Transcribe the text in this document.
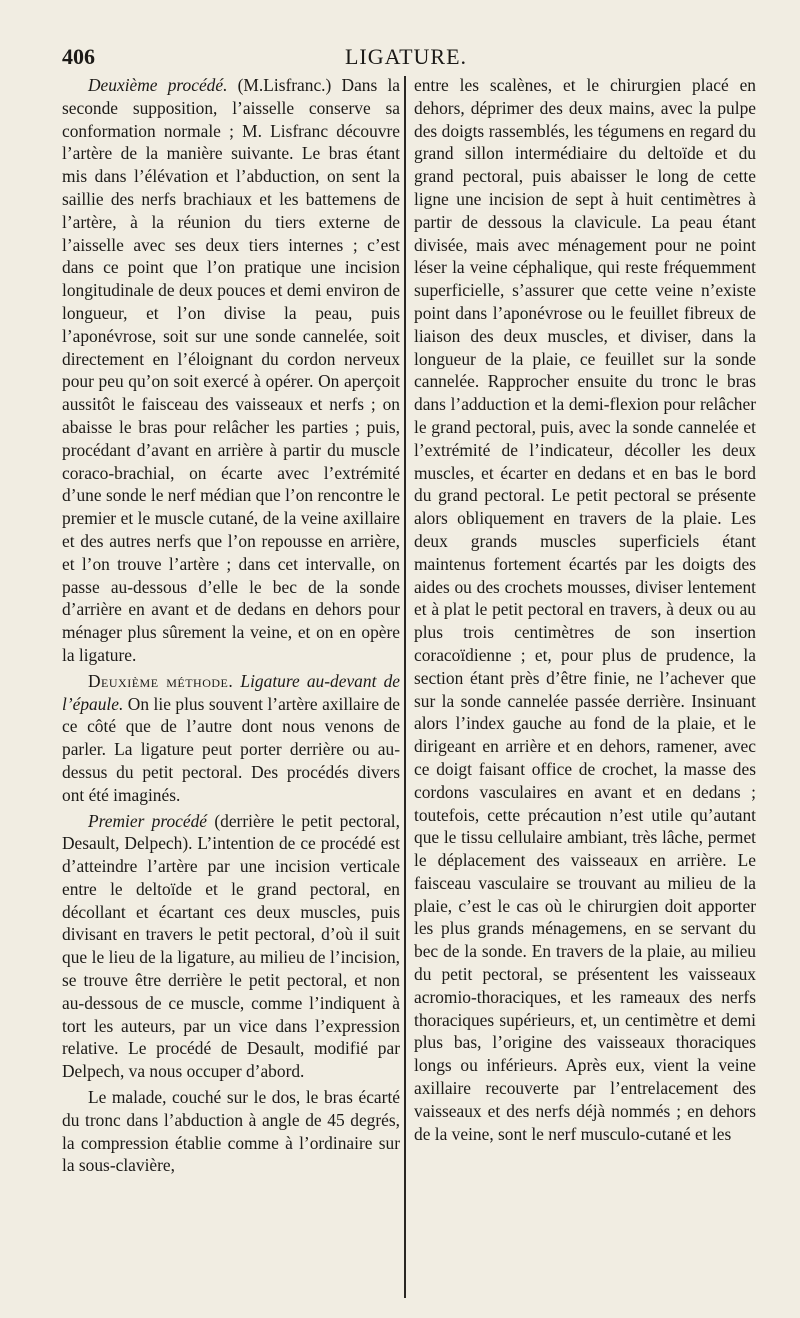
406	LIGATURE.

Deuxième procédé. (M.Lisfranc.) Dans la seconde supposition, l’aisselle conserve sa conformation normale ; M. Lisfranc découvre l’artère de la manière suivante. Le bras étant mis dans l’élévation et l’abduction, on sent la saillie des nerfs brachiaux et les battemens de l’artère, à la réunion du tiers externe de l’aisselle avec ses deux tiers internes ; c’est dans ce point que l’on pratique une incision longitudinale de deux pouces et demi environ de longueur, et l’on divise la peau, puis l’aponévrose, soit sur une sonde cannelée, soit directement en l’éloignant du cordon nerveux pour peu qu’on soit exercé à opérer. On aperçoit aussitôt le faisceau des vaisseaux et nerfs ; on abaisse le bras pour relâcher les parties ; puis, procédant d’avant en arrière à partir du muscle coraco-brachial, on écarte avec l’extrémité d’une sonde le nerf médian que l’on rencontre le premier et le muscle cutané, de la veine axillaire et des autres nerfs que l’on repousse en arrière, et l’on trouve l’artère ; dans cet intervalle, on passe au-dessous d’elle le bec de la sonde d’arrière en avant et de dedans en dehors pour ménager plus sûrement la veine, et on en opère la ligature.

Deuxième méthode. Ligature au-devant de l’épaule. On lie plus souvent l’artère axillaire de ce côté que de l’autre dont nous venons de parler. La ligature peut porter derrière ou au-dessus du petit pectoral. Des procédés divers ont été imaginés.

Premier procédé (derrière le petit pectoral, Desault, Delpech). L’intention de ce procédé est d’atteindre l’artère par une incision verticale entre le deltoïde et le grand pectoral, en décollant et écartant ces deux muscles, puis divisant en travers le petit pectoral, d’où il suit que le lieu de la ligature, au milieu de l’incision, se trouve être derrière le petit pectoral, et non au-dessous de ce muscle, comme l’indiquent à tort les auteurs, par un vice dans l’expression relative. Le procédé de Desault, modifié par Delpech, va nous occuper d’abord.

Le malade, couché sur le dos, le bras écarté du tronc dans l’abduction à angle de 45 degrés, la compression établie comme à l’ordinaire sur la sous-clavière,

entre les scalènes, et le chirurgien placé en dehors, déprimer des deux mains, avec la pulpe des doigts rassemblés, les tégumens en regard du grand sillon intermédiaire du deltoïde et du grand pectoral, puis abaisser le long de cette ligne une incision de sept à huit centimètres à partir de dessous la clavicule. La peau étant divisée, mais avec ménagement pour ne point léser la veine céphalique, qui reste fréquemment superficielle, s’assurer que cette veine n’existe point dans l’aponévrose ou le feuillet fibreux de liaison des deux muscles, et diviser, dans la longueur de la plaie, ce feuillet sur la sonde cannelée. Rapprocher ensuite du tronc le bras dans l’adduction et la demi-flexion pour relâcher le grand pectoral, puis, avec la sonde cannelée et l’extrémité de l’indicateur, décoller les deux muscles, et écarter en dedans et en bas le bord du grand pectoral. Le petit pectoral se présente alors obliquement en travers de la plaie. Les deux grands muscles superficiels étant maintenus fortement écartés par les doigts des aides ou des crochets mousses, diviser lentement et à plat le petit pectoral en travers, à deux ou au plus trois centimètres de son insertion coracoïdienne ; et, pour plus de prudence, la section étant près d’être finie, ne l’achever que sur la sonde cannelée passée derrière. Insinuant alors l’index gauche au fond de la plaie, et le dirigeant en arrière et en dehors, ramener, avec ce doigt faisant office de crochet, la masse des cordons vasculaires en avant et en dedans ; toutefois, cette précaution n’est utile qu’autant que le tissu cellulaire ambiant, très lâche, permet le déplacement des vaisseaux en arrière. Le faisceau vasculaire se trouvant au milieu de la plaie, c’est le cas où le chirurgien doit apporter les plus grands ménagemens, en se servant du bec de la sonde. En travers de la plaie, au milieu du petit pectoral, se présentent les vaisseaux acromio-thoraciques, et les rameaux des nerfs thoraciques supérieurs, et, un centimètre et demi plus bas, l’origine des vaisseaux thoraciques longs ou inférieurs. Après eux, vient la veine axillaire recouverte par l’entrelacement des vaisseaux et des nerfs déjà nommés ; en dehors de la veine, sont le nerf musculo-cutané et les
